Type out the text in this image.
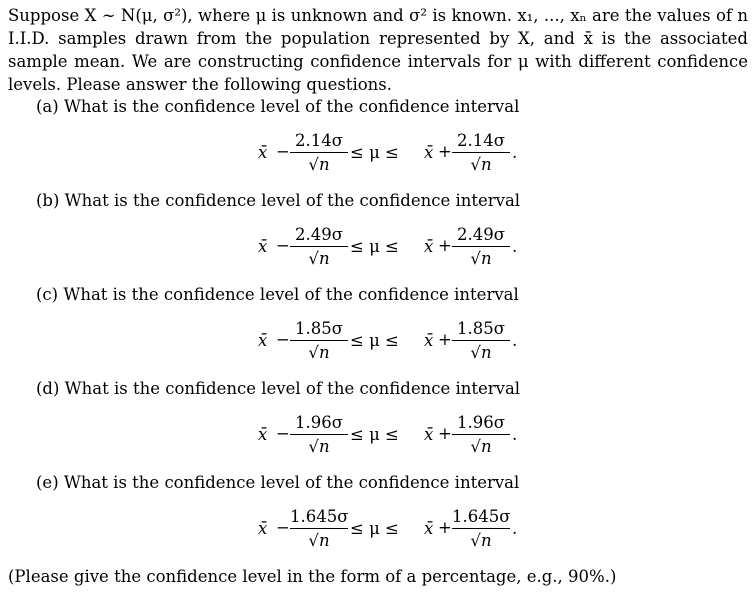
Suppose X ∼ N(μ, σ²), where μ is unknown and σ² is known. x₁, ..., xₙ are the values of n I.I.D. samples drawn from the population represented by X, and x̄ is the associated sample mean. We are constructing confidence intervals for μ with different confidence levels. Please answer the following questions.
(a) What is the confidence level of the confidence interval
x̄ − $\frac{2.14\sigma}{√n} \le \mu$ ≤ x̄ + $\frac{2.14\sigma}{√n}$ .
(b) What is the confidence level of the confidence interval
x̄ − $\frac{2.49\sigma}{√n} \le \mu$ ≤ x̄ + $\frac{2.49\sigma}{√n}$ .
(c) What is the confidence level of the confidence interval
x̄ − $\frac{1.85\sigma}{√n} \le \mu$ ≤ x̄ + $\frac{1.85\sigma}{√n}$ .
(d) What is the confidence level of the confidence interval
x̄ − $\frac{1.96\sigma}{√n} \le \mu$ ≤ x̄ + $\frac{1.96\sigma}{√n}$ .
(e) What is the confidence level of the confidence interval
x̄ − $\frac{1.645\sigma}{√n} \le \mu$ ≤ x̄ + $\frac{1.645\sigma}{√n}$ .
(Please give the confidence level in the form of a percentage, e.g., 90%.)
